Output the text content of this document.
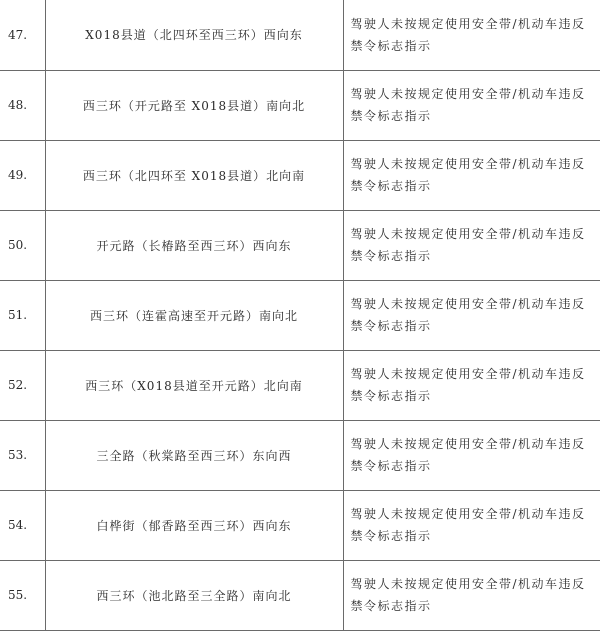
47.	X018县道（北四环至西三环）西向东	驾驶人未按规定使用安全带/机动车违反禁令标志指示
48.	西三环（开元路至 X018县道）南向北	驾驶人未按规定使用安全带/机动车违反禁令标志指示
49.	西三环（北四环至 X018县道）北向南	驾驶人未按规定使用安全带/机动车违反禁令标志指示
50.	开元路（长椿路至西三环）西向东	驾驶人未按规定使用安全带/机动车违反禁令标志指示
51.	西三环（连霍高速至开元路）南向北	驾驶人未按规定使用安全带/机动车违反禁令标志指示
52.	西三环（X018县道至开元路）北向南	驾驶人未按规定使用安全带/机动车违反禁令标志指示
53.	三全路（秋棠路至西三环）东向西	驾驶人未按规定使用安全带/机动车违反禁令标志指示
54.	白桦街（郁香路至西三环）西向东	驾驶人未按规定使用安全带/机动车违反禁令标志指示
55.	西三环（池北路至三全路）南向北	驾驶人未按规定使用安全带/机动车违反禁令标志指示
